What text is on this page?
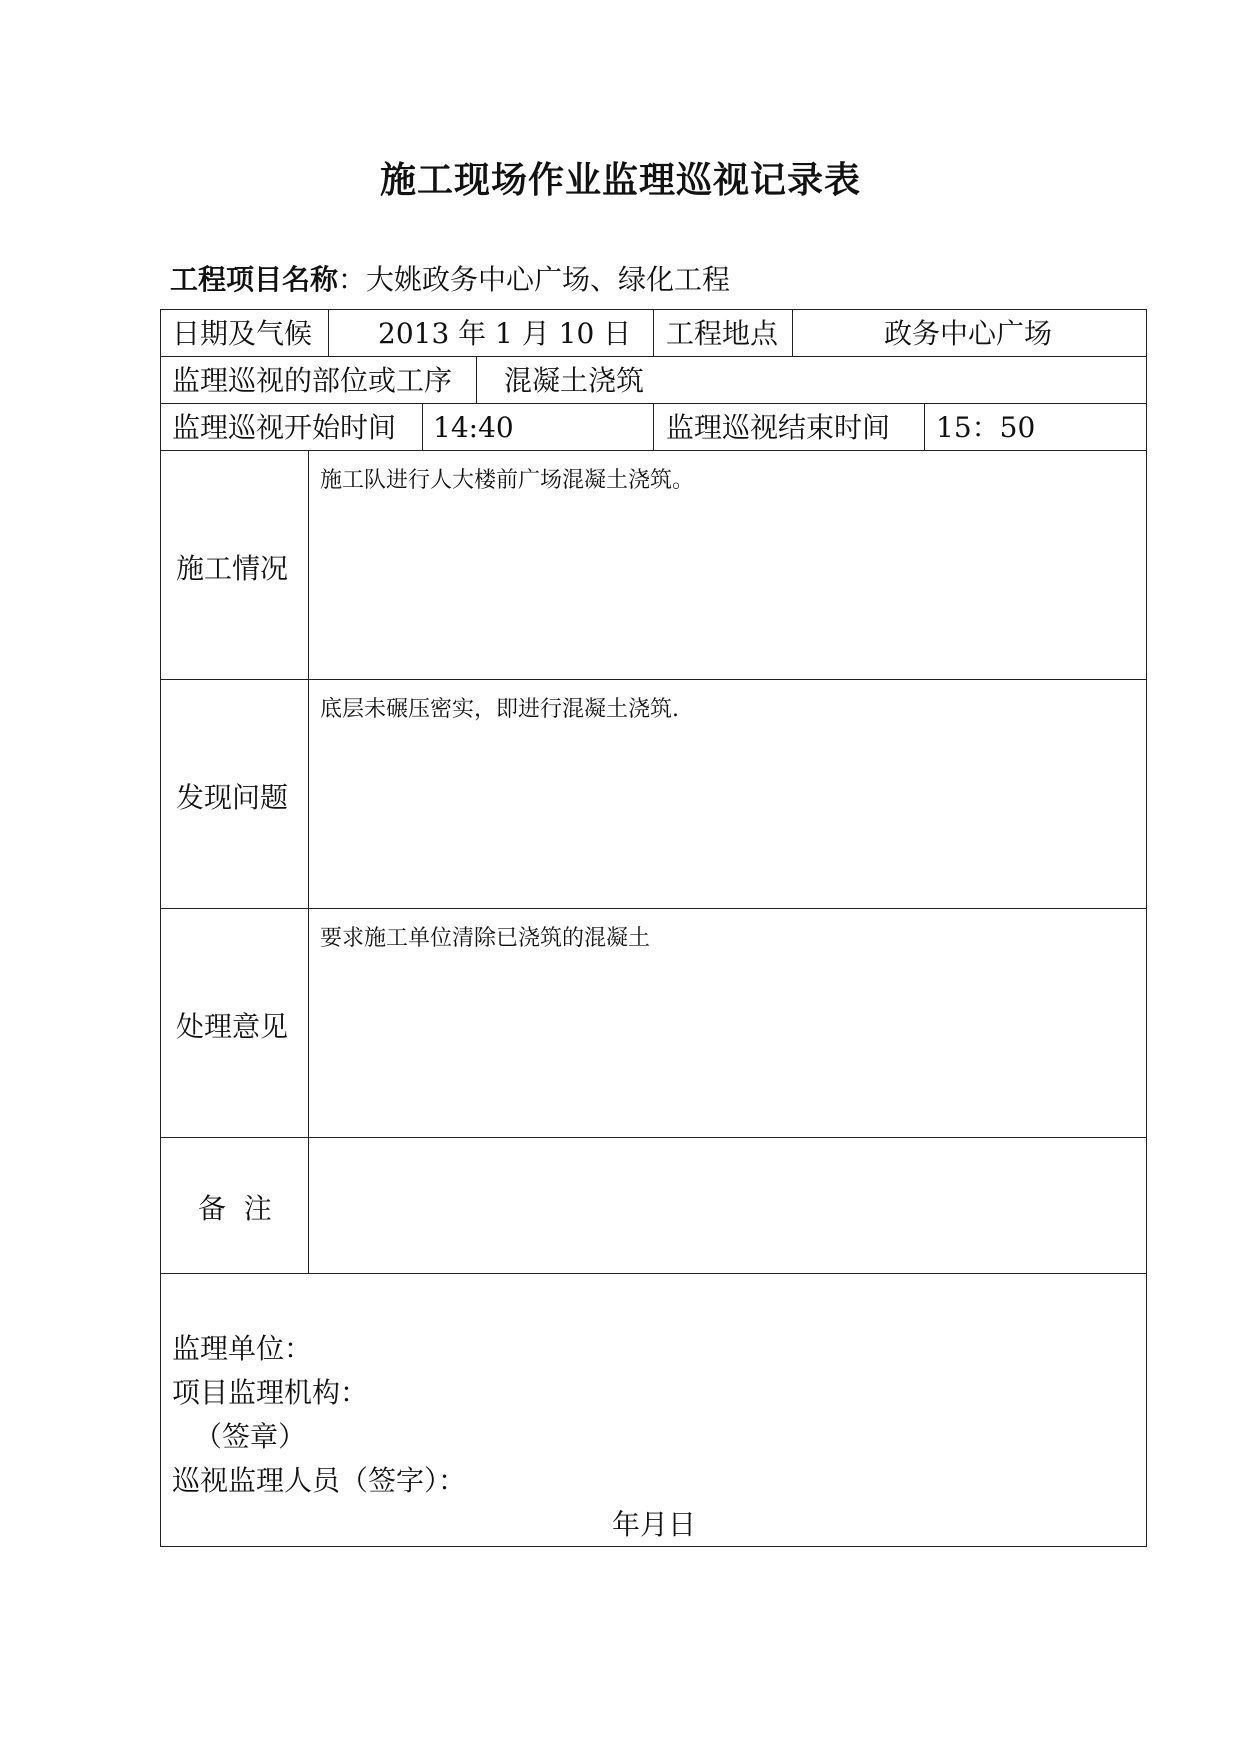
施工现场作业监理巡视记录表
工程项目名称：大姚政务中心广场、绿化工程
日期及气候 2013 年 1 月 10 日 工程地点	政务中心广场
监理巡视的部位或工序 混凝土浇筑
监理巡视开始时间 14:40	监理巡视结束时间 15：50
施工情况
施工队进行人大楼前广场混凝土浇筑。
发现问题
底层未碾压密实，即进行混凝土浇筑.
处理意见
要求施工单位清除已浇筑的混凝土
备  注
监理单位：
项目监理机构：
（签章）
巡视监理人员（签字）：
年月日
